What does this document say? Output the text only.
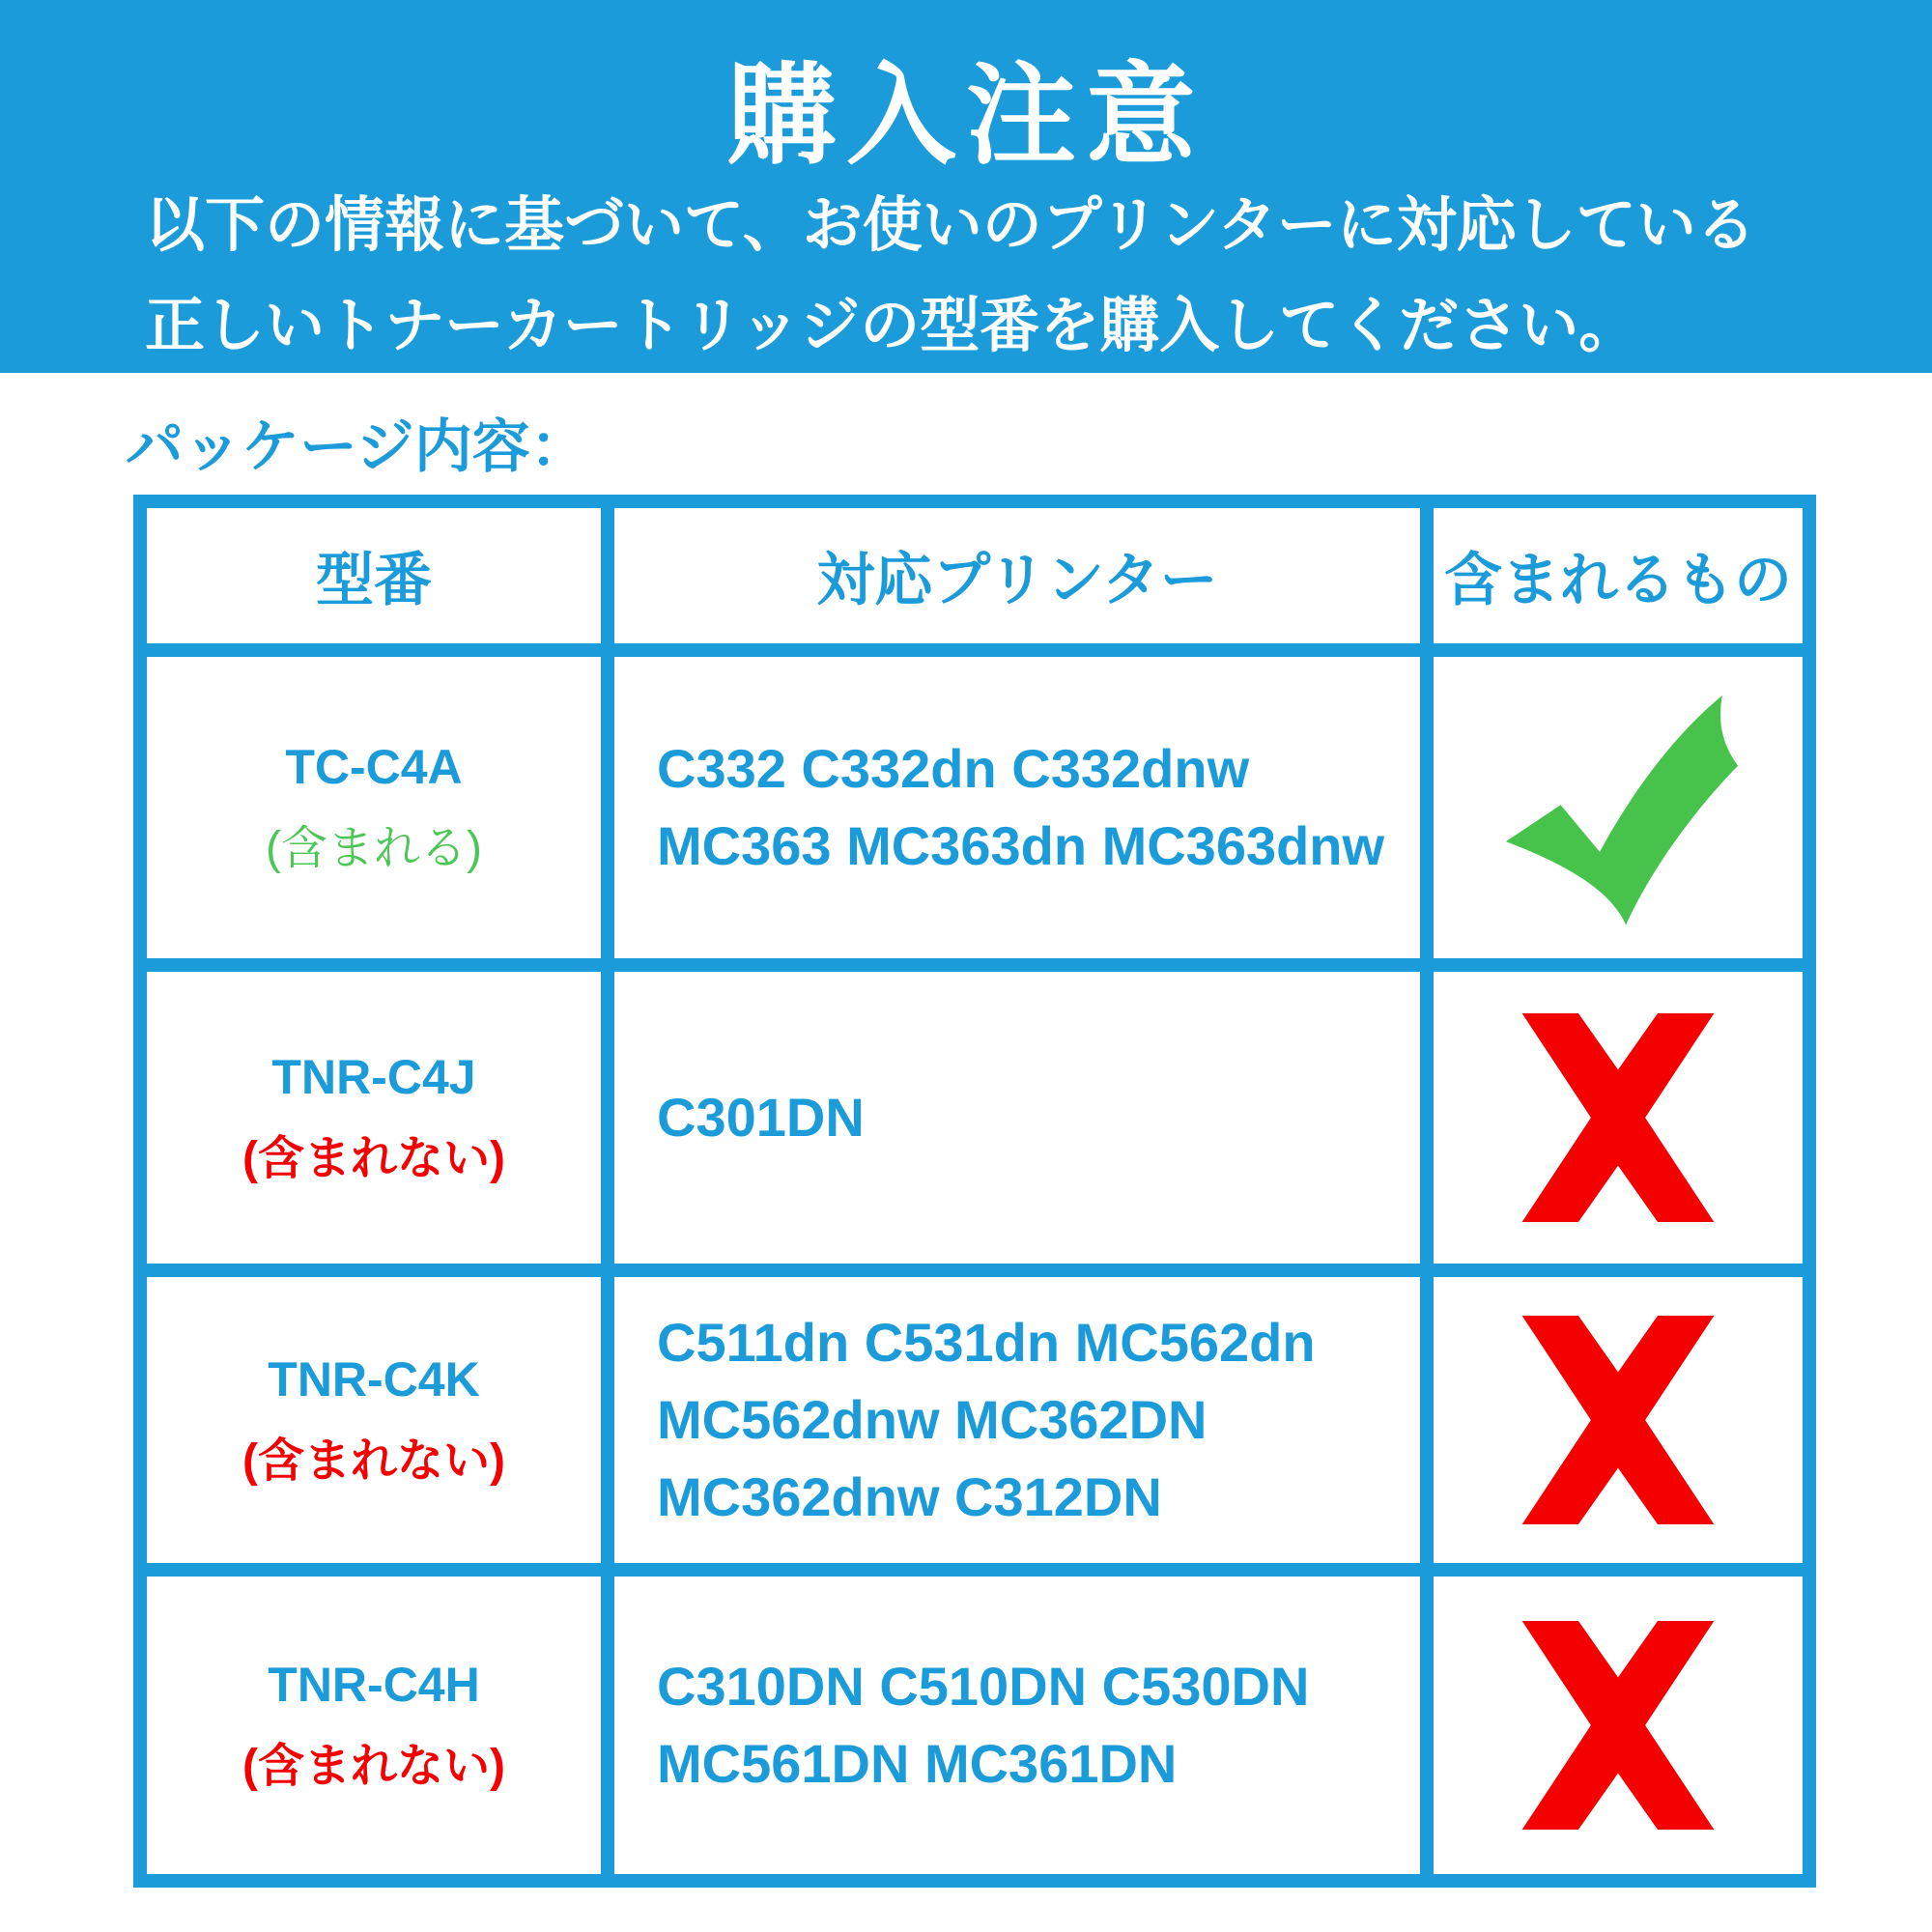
購入注意
以下の情報に基づいて、お使いのプリンターに対応している
正しいトナーカートリッジの型番を購入してください。
パッケージ内容：
型番	対応プリンター	含まれるもの
TC-C4A
(含まれる)
C332 C332dn C332dnw
MC363 MC363dn MC363dnw
TNR-C4J
(含まれない)
C301DN
TNR-C4K
(含まれない)
C511dn C531dn MC562dn
MC562dnw MC362DN
MC362dnw C312DN
TNR-C4H
(含まれない)
C310DN C510DN C530DN
MC561DN MC361DN
